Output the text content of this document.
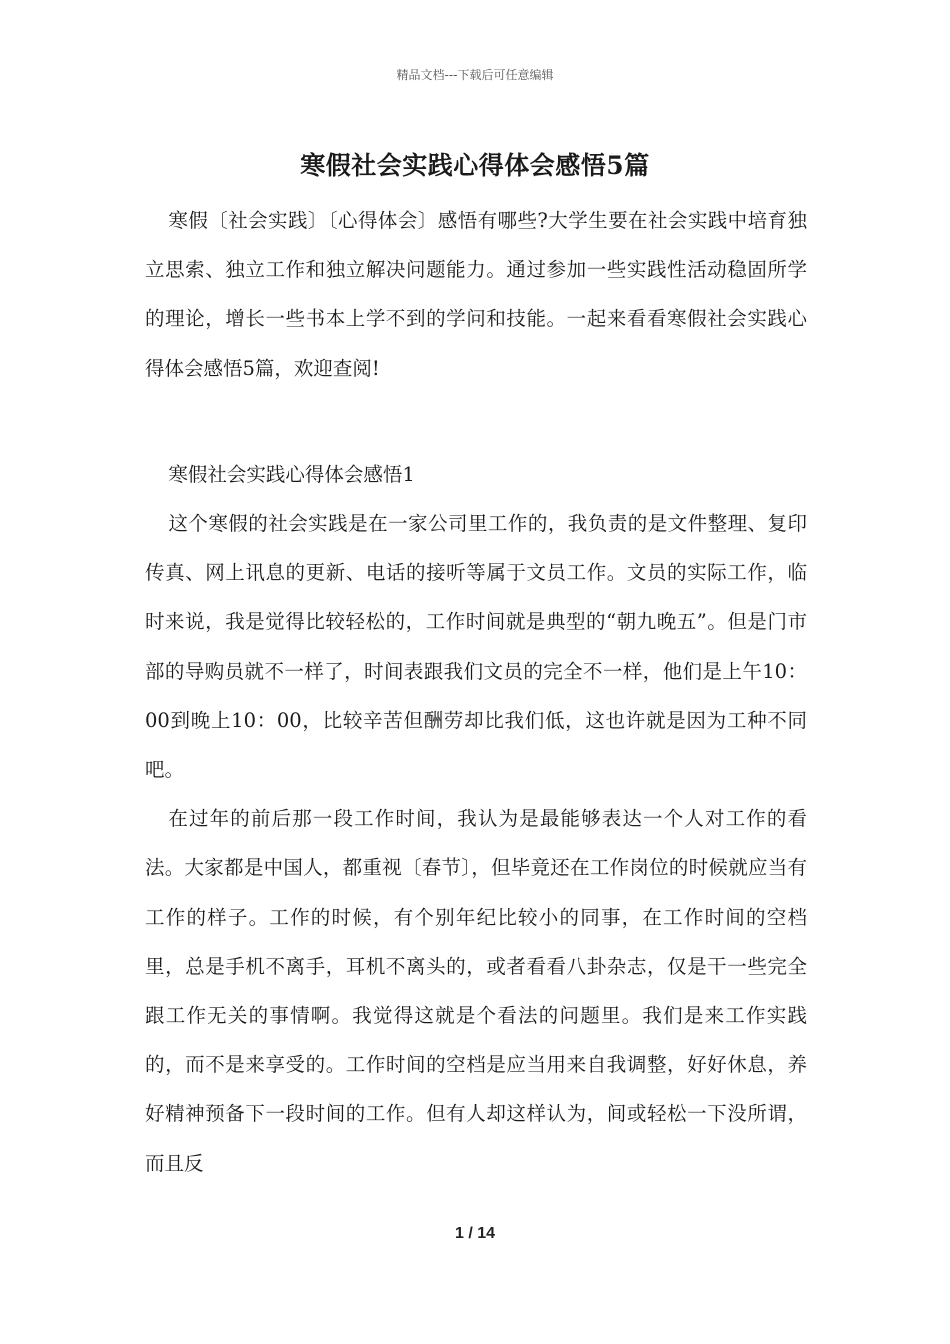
精品文档---下载后可任意编辑
寒假社会实践心得体会感悟5篇

寒假〔社会实践〕〔心得体会〕感悟有哪些?大学生要在社会实践中培育独立思索、独立工作和独立解决问题能力。通过参加一些实践性活动稳固所学的理论，增长一些书本上学不到的学问和技能。一起来看看寒假社会实践心得体会感悟5篇，欢迎查阅!

寒假社会实践心得体会感悟1

这个寒假的社会实践是在一家公司里工作的，我负责的是文件整理、复印传真、网上讯息的更新、电话的接听等属于文员工作。文员的实际工作，临时来说，我是觉得比较轻松的，工作时间就是典型的“朝九晚五”。但是门市部的导购员就不一样了，时间表跟我们文员的完全不一样，他们是上午10：00到晚上10：00，比较辛苦但酬劳却比我们低，这也许就是因为工种不同吧。

在过年的前后那一段工作时间，我认为是最能够表达一个人对工作的看法。大家都是中国人，都重视〔春节〕，但毕竟还在工作岗位的时候就应当有工作的样子。工作的时候，有个别年纪比较小的同事，在工作时间的空档里，总是手机不离手，耳机不离头的，或者看看八卦杂志，仅是干一些完全跟工作无关的事情啊。我觉得这就是个看法的问题里。我们是来工作实践的，而不是来享受的。工作时间的空档是应当用来自我调整，好好休息，养好精神预备下一段时间的工作。但有人却这样认为，间或轻松一下没所谓，而且反

1 / 14
